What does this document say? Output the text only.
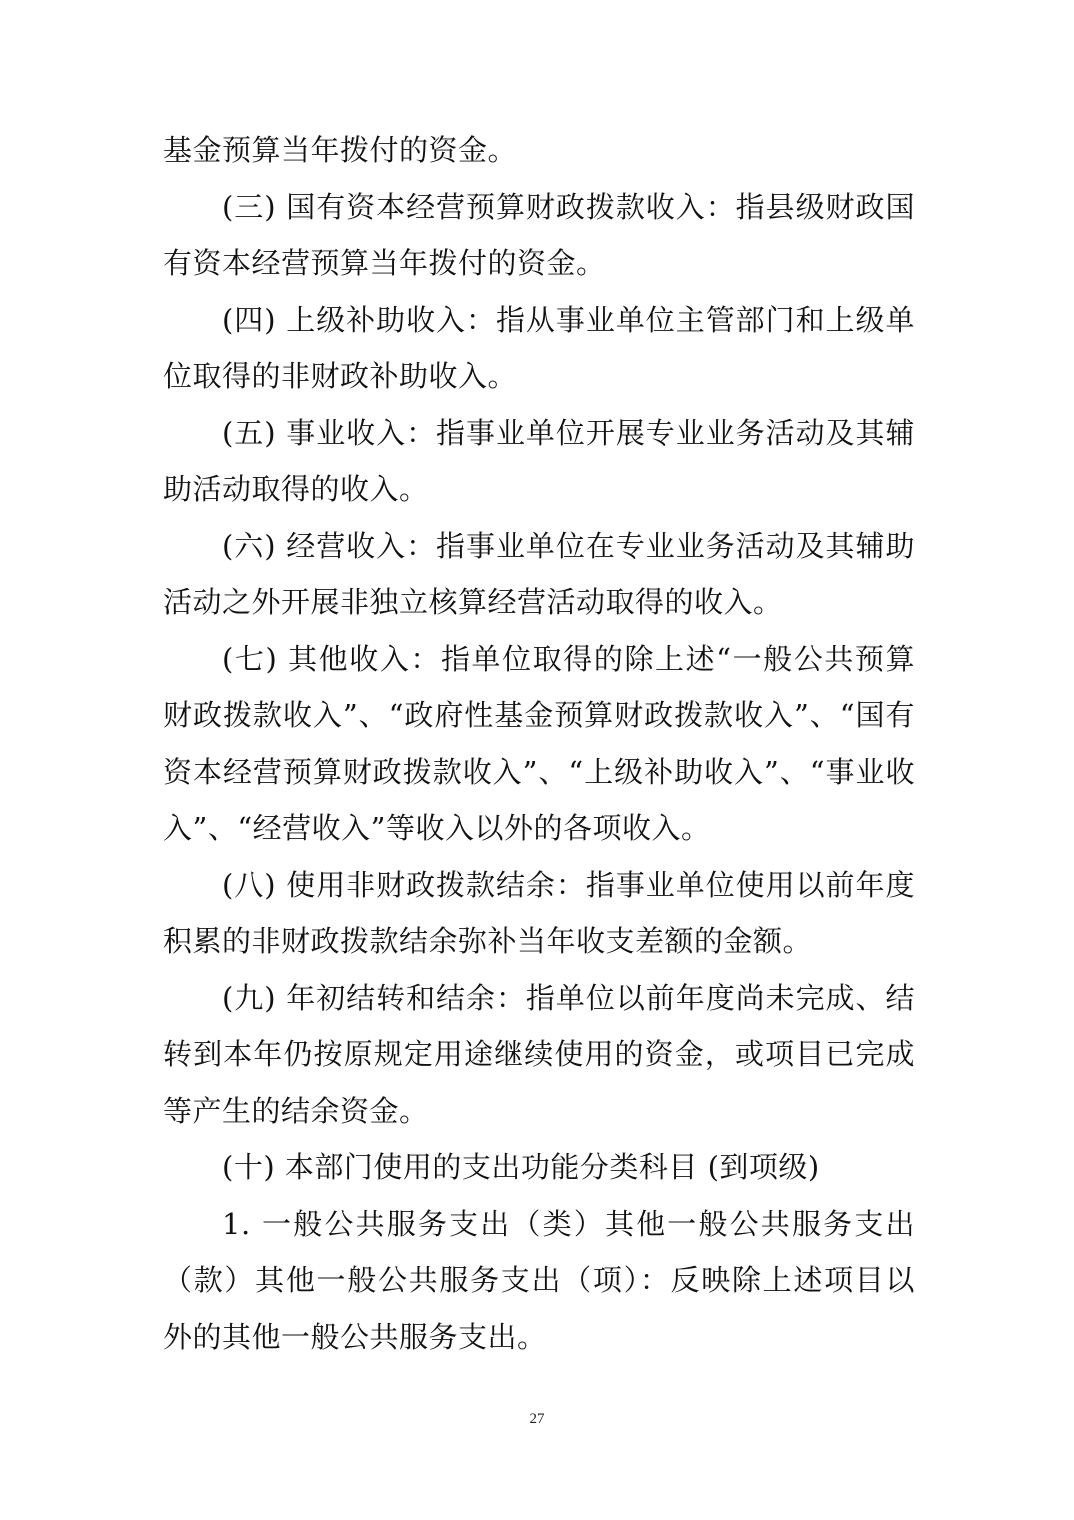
基金预算当年拨付的资金。

(三) 国有资本经营预算财政拨款收入：指县级财政国有资本经营预算当年拨付的资金。

(四) 上级补助收入：指从事业单位主管部门和上级单位取得的非财政补助收入。

(五) 事业收入：指事业单位开展专业业务活动及其辅助活动取得的收入。

(六) 经营收入：指事业单位在专业业务活动及其辅助活动之外开展非独立核算经营活动取得的收入。

(七) 其他收入：指单位取得的除上述“一般公共预算财政拨款收入”、“政府性基金预算财政拨款收入”、“国有资本经营预算财政拨款收入”、“上级补助收入”、“事业收入”、“经营收入”等收入以外的各项收入。

(八) 使用非财政拨款结余：指事业单位使用以前年度积累的非财政拨款结余弥补当年收支差额的金额。

(九) 年初结转和结余：指单位以前年度尚未完成、结转到本年仍按原规定用途继续使用的资金，或项目已完成等产生的结余资金。

(十) 本部门使用的支出功能分类科目 (到项级)

1. 一般公共服务支出（类）其他一般公共服务支出（款）其他一般公共服务支出（项）：反映除上述项目以外的其他一般公共服务支出。

27
